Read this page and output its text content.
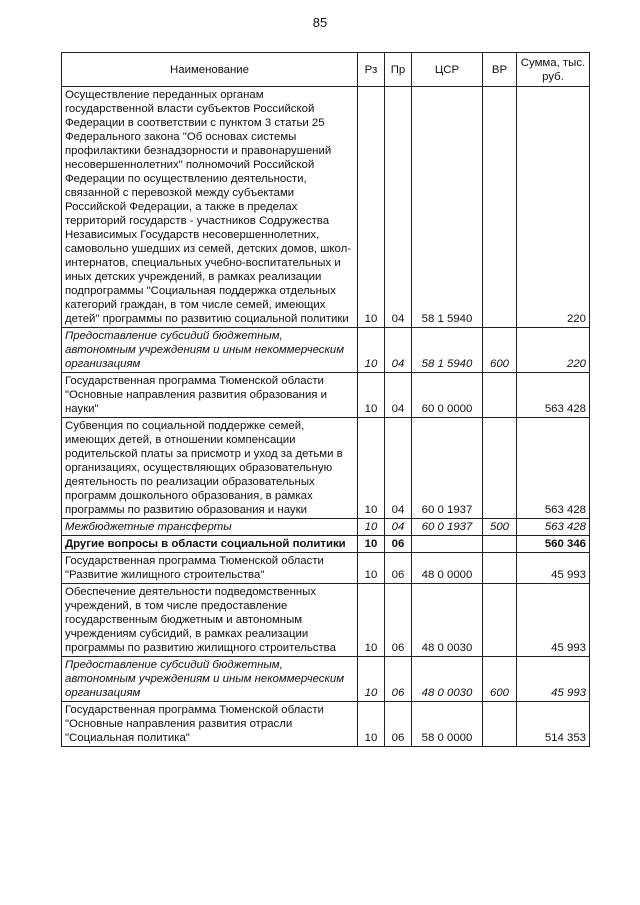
85
Наименование	Рз	Пр	ЦСР	ВР	Сумма, тыс. руб.
Осуществление переданных органам государственной власти субъектов Российской Федерации в соответствии с пунктом 3 статьи 25 Федерального закона "Об основах системы профилактики безнадзорности и правонарушений несовершеннолетних" полномочий Российской Федерации по осуществлению деятельности, связанной с перевозкой между субъектами Российской Федерации, а также в пределах территорий государств - участников Содружества Независимых Государств несовершеннолетних, самовольно ушедших из семей, детских домов, школ-интернатов, специальных учебно-воспитательных и иных детских учреждений, в рамках реализации подпрограммы "Социальная поддержка отдельных категорий граждан, в том числе семей, имеющих детей" программы по развитию социальной политики	10	04	58 1 5940		220
Предоставление субсидий бюджетным, автономным учреждениям и иным некоммерческим организациям	10	04	58 1 5940	600	220
Государственная программа Тюменской области "Основные направления развития образования и науки"	10	04	60 0 0000		563 428
Субвенция по социальной поддержке семей, имеющих детей, в отношении компенсации родительской платы за присмотр и уход за детьми в организациях, осуществляющих образовательную деятельность по реализации образовательных программ дошкольного образования, в рамках программы по развитию образования и науки	10	04	60 0 1937		563 428
Межбюджетные трансферты	10	04	60 0 1937	500	563 428
Другие вопросы в области социальной политики	10	06			560 346
Государственная программа Тюменской области "Развитие жилищного строительства"	10	06	48 0 0000		45 993
Обеспечение деятельности подведомственных учреждений, в том числе предоставление государственным бюджетным и автономным учреждениям субсидий, в рамках реализации программы по развитию жилищного строительства	10	06	48 0 0030		45 993
Предоставление субсидий бюджетным, автономным учреждениям и иным некоммерческим организациям	10	06	48 0 0030	600	45 993
Государственная программа Тюменской области "Основные направления развития отрасли "Социальная политика"	10	06	58 0 0000		514 353
